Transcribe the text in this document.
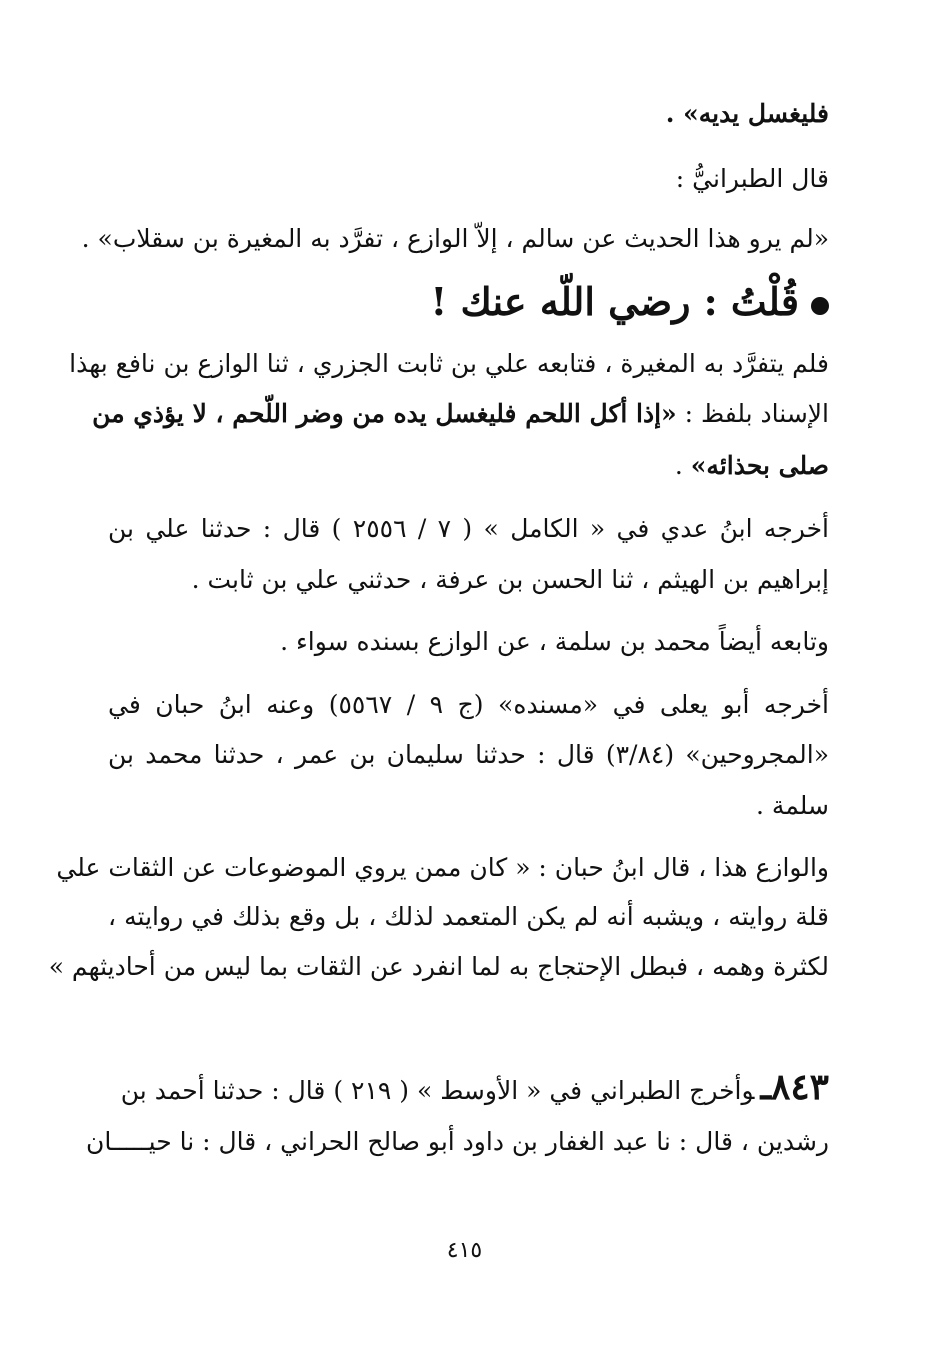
فليغسل يديه» .
قال الطبرانيُّ :
«لم يرو هذا الحديث عن سالم ، إلاّ الوازع ، تفرَّد به المغيرة بن سقلاب» .
قُلْتُ : رضي اللّه عنك !
فلم يتفرَّد به المغيرة ، فتابعه علي بن ثابت الجزري ، ثنا الوازع بن نافع بهذا
الإسناد بلفظ : «إذا أكل اللحم فليغسل يده من وضر اللّحم ، لا يؤذي من
صلى بحذائه» .
أخرجه ابنُ عدي في « الكامل » ( ٧ / ٢٥٥٦ ) قال : حدثنا علي بن
إبراهيم بن الهيثم ، ثنا الحسن بن عرفة ، حدثني علي بن ثابت .
وتابعه أيضاً محمد بن سلمة ، عن الوازع بسنده سواء .
أخرجه أبو يعلى في «مسنده» (ج ٩ / ٥٥٦٧) وعنه ابنُ حبان في
«المجروحين» (٣/٨٤) قال : حدثنا سليمان بن عمر ، حدثنا محمد بن
سلمة .
والوازع هذا ، قال ابنُ حبان : « كان ممن يروي الموضوعات عن الثقات علي
قلة روايته ، ويشبه أنه لم يكن المتعمد لذلك ، بل وقع بذلك في روايته ،
لكثرة وهمه ، فبطل الإحتجاج به لما انفرد عن الثقات بما ليس من أحاديثهم »
٨٤٣ـوأخرج الطبراني في « الأوسط » ( ٢١٩ ) قال : حدثنا أحمد بن
رشدين ، قال : نا عبد الغفار بن داود أبو صالح الحراني ، قال : نا حيـــــان
٤١٥
